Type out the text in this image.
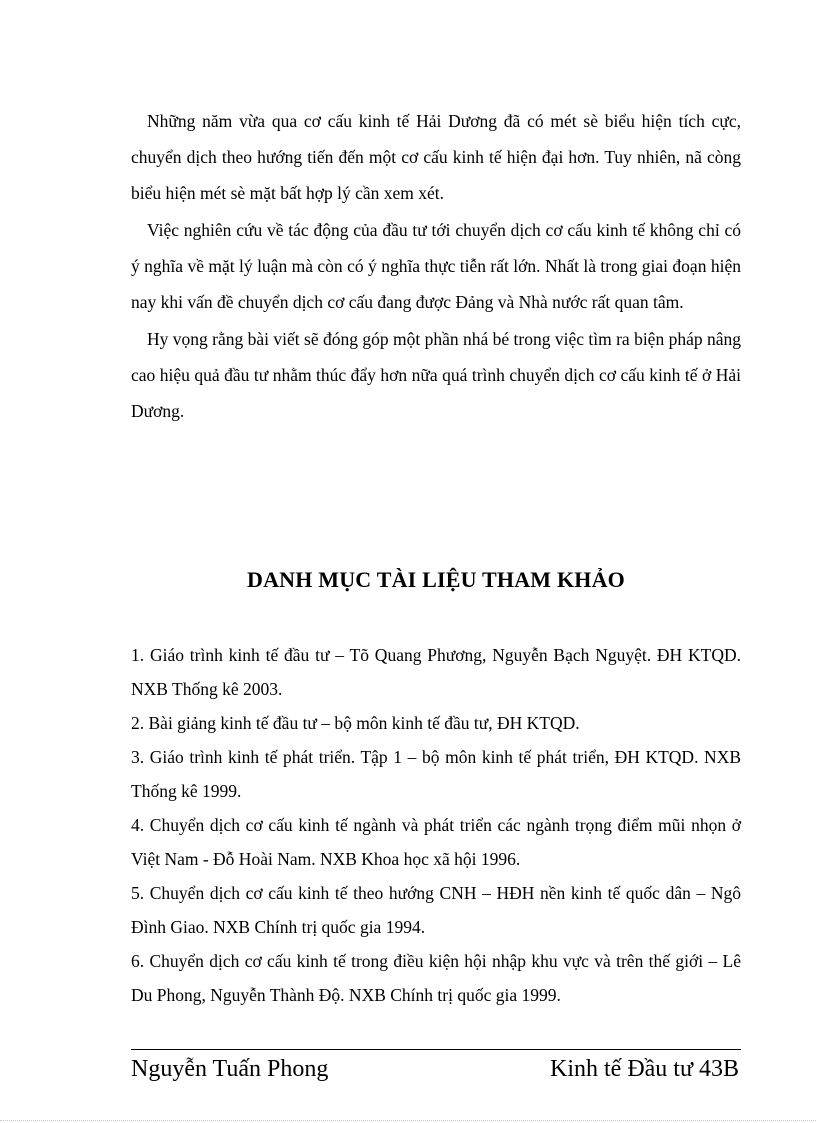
Những năm vừa qua cơ cấu kinh tế Hải Dương đã có mét sè biểu hiện tích cực, chuyển dịch theo hướng tiến đến một cơ cấu kinh tế hiện đại hơn. Tuy nhiên, nã còng biểu hiện mét sè mặt bất hợp lý cần xem xét.

Việc nghiên cứu về tác động của đầu tư tới chuyển dịch cơ cấu kinh tế không chỉ có ý nghĩa về mặt lý luận mà còn có ý nghĩa thực tiễn rất lớn. Nhất là trong giai đoạn hiện nay khi vấn đề chuyển dịch cơ cấu đang được Đảng và Nhà nước rất quan tâm.

Hy vọng rằng bài viết sẽ đóng góp một phần nhá bé trong việc tìm ra biện pháp nâng cao hiệu quả đầu tư nhằm thúc đẩy hơn nữa quá trình chuyển dịch cơ cấu kinh tế ở Hải Dương.

DANH MỤC TÀI LIỆU THAM KHẢO
1. Giáo trình kinh tế đầu tư – Tõ Quang Phương, Nguyễn Bạch Nguyệt. ĐH KTQD. NXB Thống kê 2003.
2. Bài giảng kinh tế đầu tư – bộ môn kinh tế đầu tư, ĐH KTQD.
3. Giáo trình kinh tế phát triển. Tập 1 – bộ môn kinh tế phát triển, ĐH KTQD. NXB Thống kê 1999.
4. Chuyển dịch cơ cấu kinh tế ngành và phát triển các ngành trọng điểm mũi nhọn ở Việt Nam - Đỗ Hoài Nam. NXB Khoa học xã hội 1996.
5. Chuyển dịch cơ cấu kinh tế theo hướng CNH – HĐH nền kinh tế quốc dân – Ngô Đình Giao. NXB Chính trị quốc gia 1994.
6. Chuyển dịch cơ cấu kinh tế trong điều kiện hội nhập khu vực và trên thế giới – Lê Du Phong, Nguyễn Thành Độ. NXB Chính trị quốc gia 1999.
Nguyễn Tuấn Phong	Kinh tế Đầu tư 43B
